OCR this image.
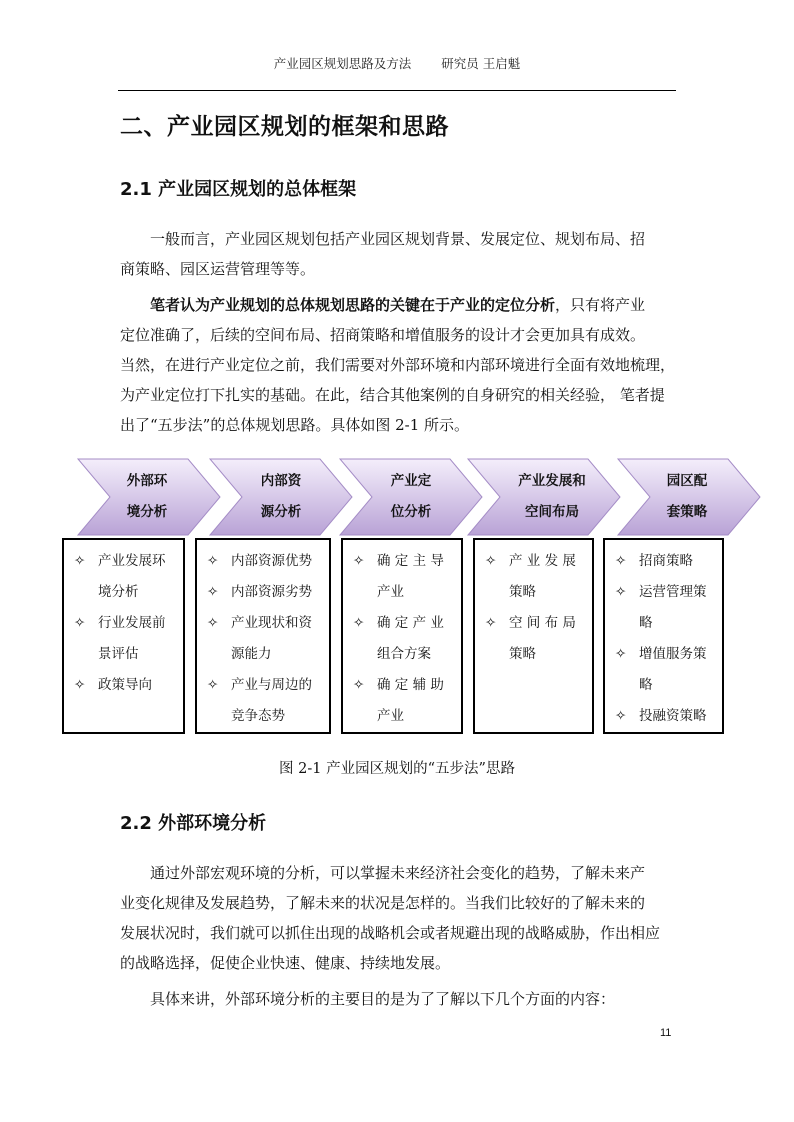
产业园区规划思路及方法 研究员 王启魁
二、产业园区规划的框架和思路
2.1 产业园区规划的总体框架
一般而言，产业园区规划包括产业园区规划背景、发展定位、规划布局、招
商策略、园区运营管理等等。
笔者认为产业规划的总体规划思路的关键在于产业的定位分析，只有将产业
定位准确了，后续的空间布局、招商策略和增值服务的设计才会更加具有成效。
当然，在进行产业定位之前，我们需要对外部环境和内部环境进行全面有效地梳理，
为产业定位打下扎实的基础。在此，结合其他案例的自身研究的相关经验， 笔者提
出了“五步法”的总体规划思路。具体如图 2-1 所示。
外部环
境分析
内部资
源分析
产业定
位分析
产业发展和
空间布局
园区配
套策略
✧ 产业发展环
境分析
✧ 行业发展前
景评估
✧ 政策导向
✧ 内部资源优势
✧ 内部资源劣势
✧ 产业现状和资
源能力
✧ 产业与周边的
竞争态势
✧ 确 定 主 导
产业
✧ 确 定 产 业
组合方案
✧ 确 定 辅 助
产业
✧ 产 业 发 展
策略
✧ 空 间 布 局
策略
✧ 招商策略
✧ 运营管理策
略
✧ 增值服务策
略
✧ 投融资策略
图 2-1 产业园区规划的“五步法”思路
2.2 外部环境分析
通过外部宏观环境的分析，可以掌握未来经济社会变化的趋势，了解未来产
业变化规律及发展趋势，了解未来的状况是怎样的。当我们比较好的了解未来的
发展状况时，我们就可以抓住出现的战略机会或者规避出现的战略威胁，作出相应
的战略选择，促使企业快速、健康、持续地发展。
具体来讲，外部环境分析的主要目的是为了了解以下几个方面的内容：
11
